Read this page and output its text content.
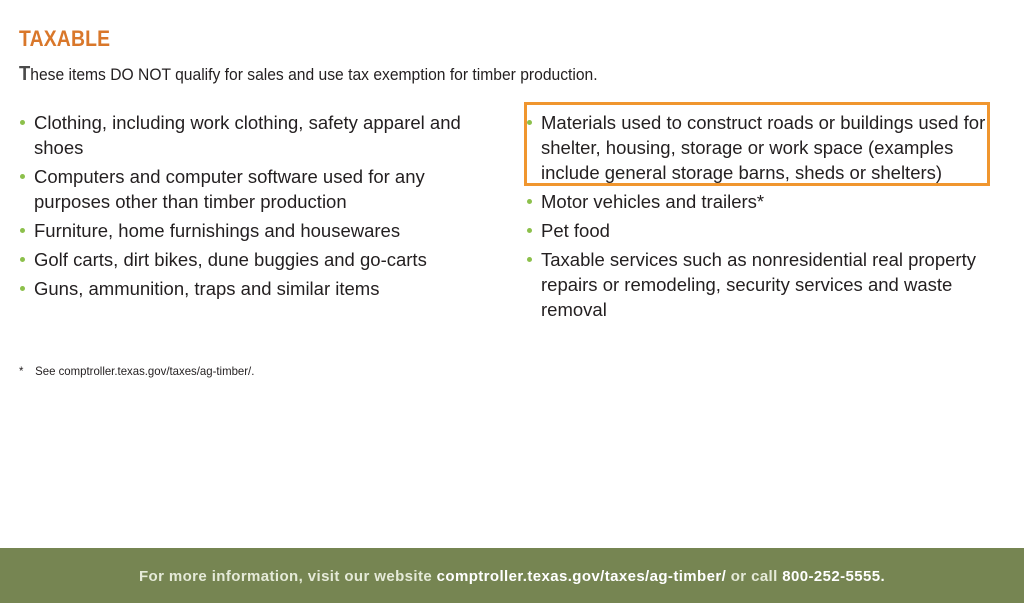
TAXABLE
These items DO NOT qualify for sales and use tax exemption for timber production.
Clothing, including work clothing, safety apparel and shoes
Computers and computer software used for any purposes other than timber production
Furniture, home furnishings and housewares
Golf carts, dirt bikes, dune buggies and go-carts
Guns, ammunition, traps and similar items
Materials used to construct roads or buildings used for shelter, housing, storage or work space (examples include general storage barns, sheds or shelters)
Motor vehicles and trailers*
Pet food
Taxable services such as nonresidential real property repairs or remodeling, security services and waste removal
* See comptroller.texas.gov/taxes/ag-timber/.
For more information, visit our website comptroller.texas.gov/taxes/ag-timber/ or call 800-252-5555.
